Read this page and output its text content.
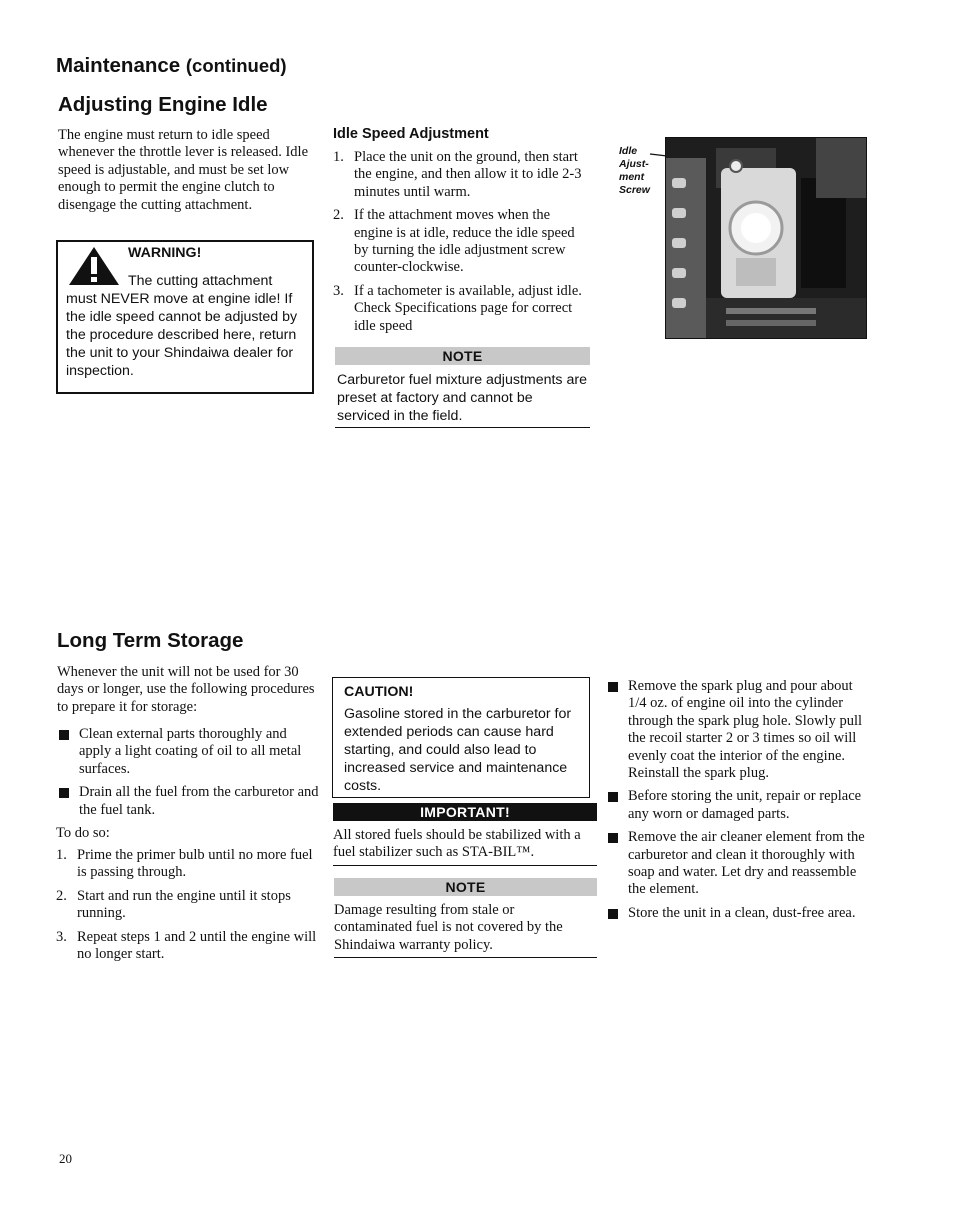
Maintenance (continued)
Adjusting Engine Idle

The engine must return to idle speed whenever the throttle lever is released. Idle speed is adjustable, and must be set low enough to permit the engine clutch to disengage the cutting attachment.

WARNING!

The cutting attachment must NEVER move at engine idle! If the idle speed cannot be adjusted by the procedure described here, return the unit to your Shindaiwa dealer for inspection.

Idle Speed Adjustment
1. Place the unit on the ground, then start the engine, and then allow it to idle 2-3 minutes until warm.
2. If the attachment moves when the engine is at idle, reduce the idle speed by turning the idle adjustment screw counter-clockwise.
3. If a tachometer is available, adjust idle. Check Specifications page for correct idle speed
NOTE

Carburetor fuel mixture adjustments are preset at factory and cannot be serviced in the field.

Idle
Ajust-
ment
Screw
Long Term Storage

Whenever the unit will not be used for 30 days or longer, use the following procedures to prepare it for storage:

Clean external parts thoroughly and apply a light coating of oil to all metal surfaces.
Drain all the fuel from the carburetor and the fuel tank.

To do so:

1. Prime the primer bulb until no more fuel is passing through.
2. Start and run the engine until it stops running.
3. Repeat steps 1 and 2 until the engine will no longer start.
CAUTION!

Gasoline stored in the carburetor for extended periods can cause hard starting, and could also lead to increased service and maintenance costs.

IMPORTANT!

All stored fuels should be stabilized with a fuel stabilizer such as STA-BIL™.

NOTE

Damage resulting from stale or contaminated fuel is not covered by the Shindaiwa warranty policy.

Remove the spark plug and pour about 1/4 oz. of engine oil into the cylinder through the spark plug hole. Slowly pull the recoil starter 2 or 3 times so oil will evenly coat the interior of the engine. Reinstall the spark plug.
Before storing the unit, repair or replace any worn or damaged parts.
Remove the air cleaner element from the carburetor and clean it thoroughly with soap and water. Let dry and reassemble the element.
Store the unit in a clean, dust-free area.
20
